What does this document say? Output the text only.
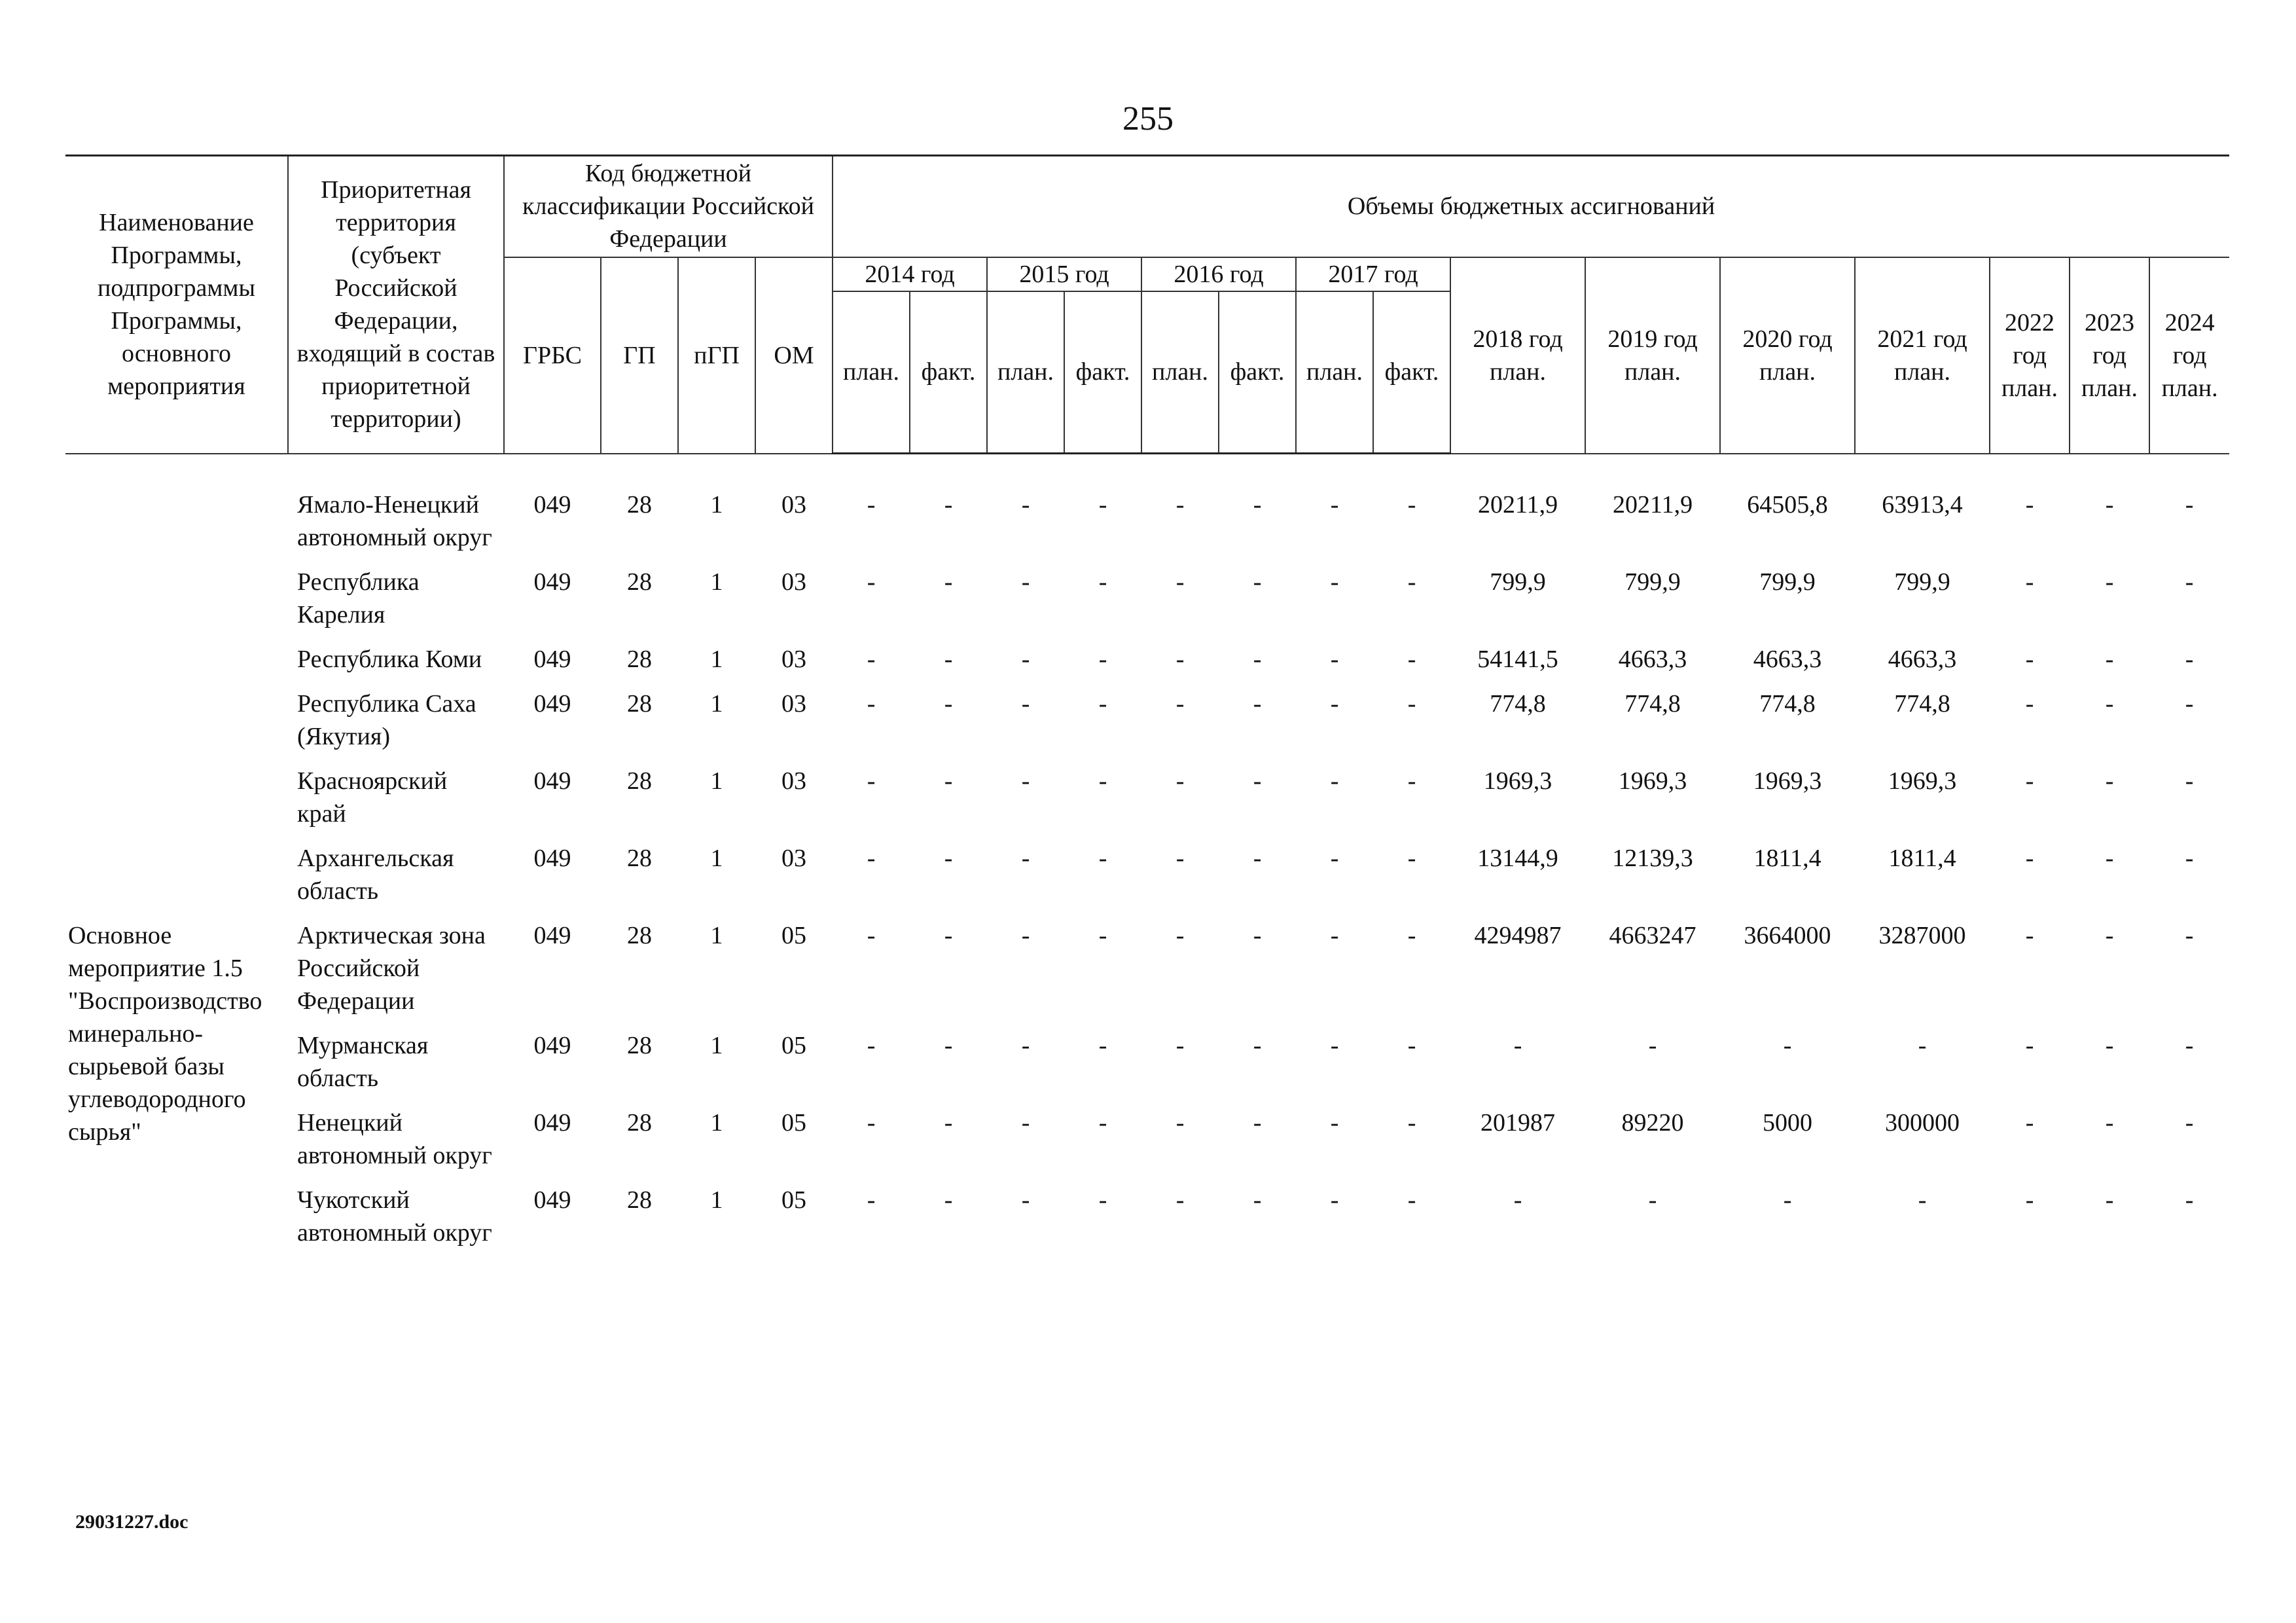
255
Наименование Программы, подпрограммы Программы, основного мероприятия	Приоритетная территория (субъект Российской Федерации, входящий в состав приоритетной территории)	Код бюджетной классификации Российской Федерации				Объемы бюджетных ассигнований														
		ГРБС	ГП	пГП	ОМ	2014 год		2015 год		2016 год		2017 год		2018 год план.	2019 год план.	2020 год план.	2021 год план.	2022 год план.	2023 год план.	2024 год план.
						план.	факт.	план.	факт.	план.	факт.	план.	факт.							
	Ямало-Ненецкий автономный округ	049	28	1	03	-	-	-	-	-	-	-	-	20211,9	20211,9	64505,8	63913,4	-	-	-
	Республика Карелия	049	28	1	03	-	-	-	-	-	-	-	-	799,9	799,9	799,9	799,9	-	-	-
	Республика Коми	049	28	1	03	-	-	-	-	-	-	-	-	54141,5	4663,3	4663,3	4663,3	-	-	-
	Республика Саха (Якутия)	049	28	1	03	-	-	-	-	-	-	-	-	774,8	774,8	774,8	774,8	-	-	-
	Красноярский край	049	28	1	03	-	-	-	-	-	-	-	-	1969,3	1969,3	1969,3	1969,3	-	-	-
	Архангельская область	049	28	1	03	-	-	-	-	-	-	-	-	13144,9	12139,3	1811,4	1811,4	-	-	-
Основное мероприятие 1.5 "Воспроизводство минерально-сырьевой базы углеводородного сырья"	Арктическая зона Российской Федерации	049	28	1	05	-	-	-	-	-	-	-	-	4294987	4663247	3664000	3287000	-	-	-
	Мурманская область	049	28	1	05	-	-	-	-	-	-	-	-	-	-	-	-	-	-	-
	Ненецкий автономный округ	049	28	1	05	-	-	-	-	-	-	-	-	201987	89220	5000	300000	-	-	-
	Чукотский автономный округ	049	28	1	05	-	-	-	-	-	-	-	-	-	-	-	-	-	-	-
29031227.doc
